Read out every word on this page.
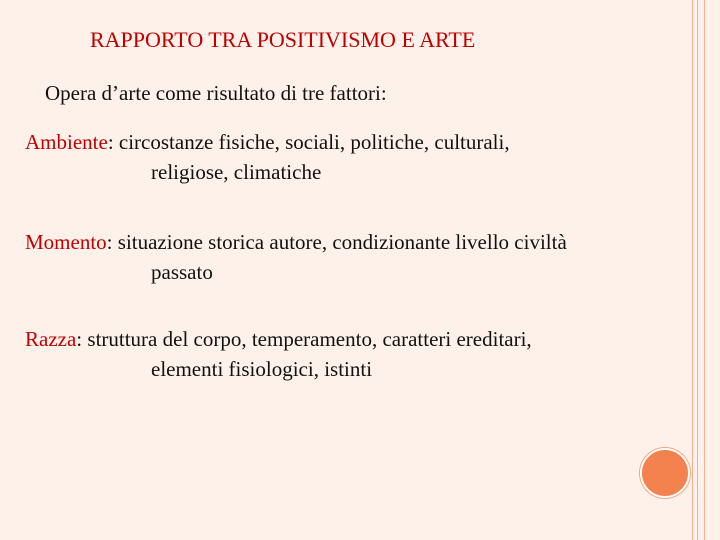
RAPPORTO TRA POSITIVISMO E ARTE
Opera d’arte come risultato di tre fattori:
Ambiente: circostanze fisiche, sociali, politiche, culturali,
religiose, climatiche
Momento: situazione storica autore, condizionante livello civiltà
passato
Razza: struttura del corpo, temperamento, caratteri ereditari,
elementi fisiologici, istinti
